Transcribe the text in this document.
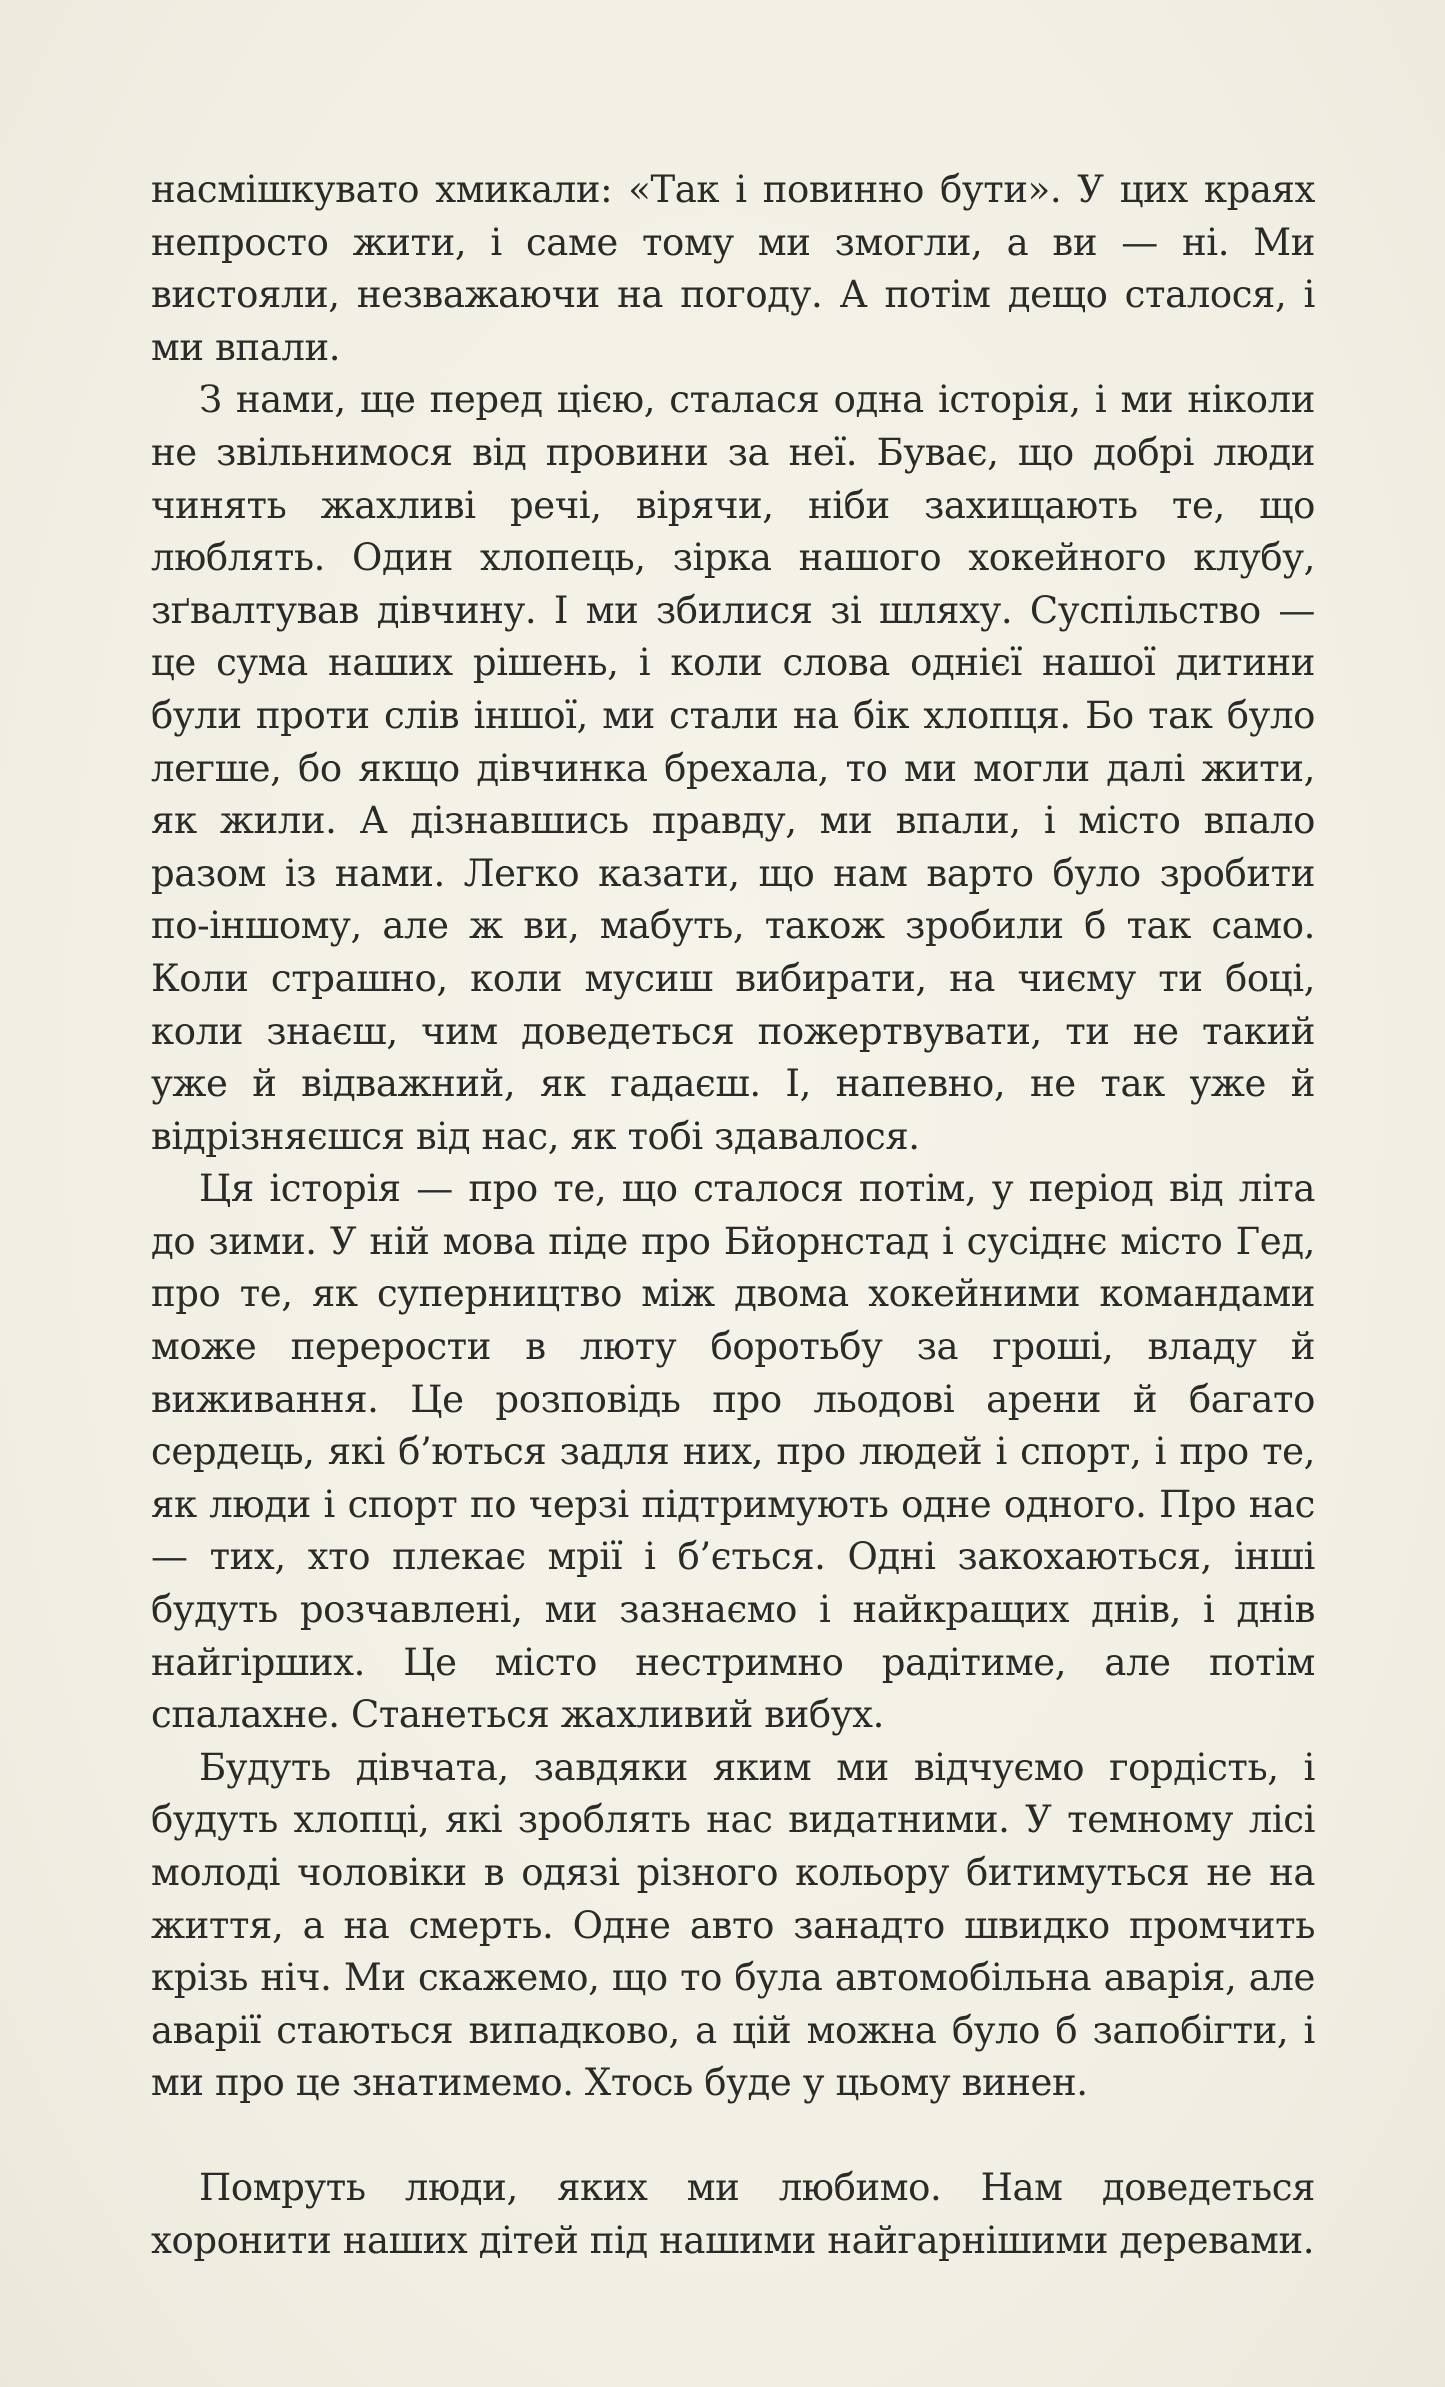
насмішкувато хмикали: «Так і повинно бути». У цих краях непросто жити, і саме тому ми змогли, а ви — ні. Ми вистояли, незважаючи на погоду. А потім дещо сталося, і ми впали.

З нами, ще перед цією, сталася одна історія, і ми ніколи не звільнимося від провини за неї. Буває, що добрі люди чинять жахливі речі, вірячи, ніби захищають те, що люблять. Один хлопець, зірка нашого хокейного клубу, зґвалтував дівчину. І ми збилися зі шляху. Суспільство — це сума наших рішень, і коли слова однієї нашої дитини були проти слів іншої, ми стали на бік хлопця. Бо так було легше, бо якщо дівчинка брехала, то ми могли далі жити, як жили. А дізнавшись правду, ми впали, і місто впало разом із нами. Легко казати, що нам варто було зробити по-іншому, але ж ви, мабуть, також зробили б так само. Коли страшно, коли мусиш вибирати, на чиєму ти боці, коли знаєш, чим доведеться пожертвувати, ти не такий уже й відважний, як гадаєш. І, напевно, не так уже й відрізняєшся від нас, як тобі здавалося.

Ця історія — про те, що сталося потім, у період від літа до зими. У ній мова піде про Бйорнстад і сусіднє місто Гед, про те, як суперництво між двома хокейними командами може перерости в люту боротьбу за гроші, владу й виживання. Це розповідь про льодові арени й багато сердець, які б’ються задля них, про людей і спорт, і про те, як люди і спорт по черзі підтримують одне одного. Про нас — тих, хто плекає мрії і б’ється. Одні закохаються, інші будуть розчавлені, ми зазнаємо і найкращих днів, і днів найгірших. Це місто нестримно радітиме, але потім спалахне. Станеться жахливий вибух.

Будуть дівчата, завдяки яким ми відчуємо гордість, і будуть хлопці, які зроблять нас видатними. У темному лісі молоді чоловіки в одязі різного кольору битимуться не на життя, а на смерть. Одне авто занадто швидко промчить крізь ніч. Ми скажемо, що то була автомобільна аварія, але аварії стаються випадково, а цій можна було б запобігти, і ми про це знатимемо. Хтось буде у цьому винен.

Помруть люди, яких ми любимо. Нам доведеться хоронити наших дітей під нашими найгарнішими деревами.
